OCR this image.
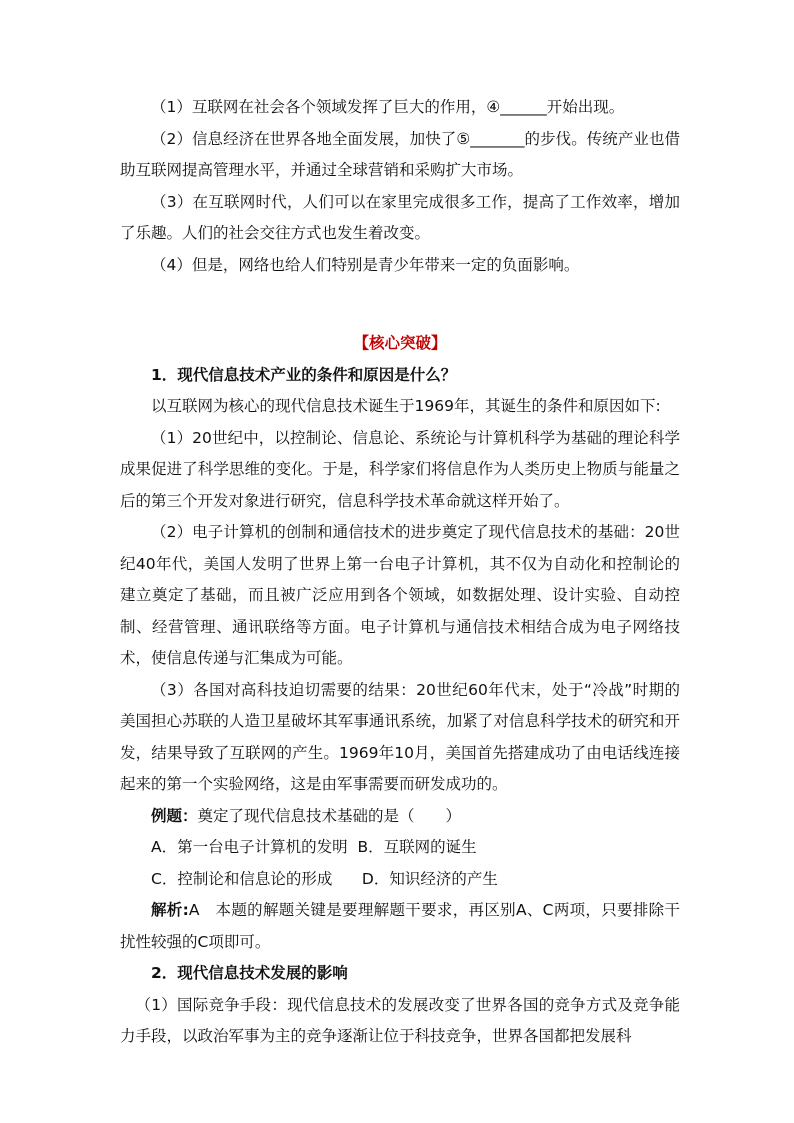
（1）互联网在社会各个领域发挥了巨大的作用，④______开始出现。

（2）信息经济在世界各地全面发展，加快了⑤_______的步伐。传统产业也借助互联网提高管理水平，并通过全球营销和采购扩大市场。

（3）在互联网时代，人们可以在家里完成很多工作，提高了工作效率，增加了乐趣。人们的社会交往方式也发生着改变。

（4）但是，网络也给人们特别是青少年带来一定的负面影响。

【核心突破】

1．现代信息技术产业的条件和原因是什么？

以互联网为核心的现代信息技术诞生于1969年，其诞生的条件和原因如下:

（1）20世纪中，以控制论、信息论、系统论与计算机科学为基础的理论科学成果促进了科学思维的变化。于是，科学家们将信息作为人类历史上物质与能量之后的第三个开发对象进行研究，信息科学技术革命就这样开始了。

（2）电子计算机的创制和通信技术的进步奠定了现代信息技术的基础：20世纪40年代，美国人发明了世界上第一台电子计算机，其不仅为自动化和控制论的建立奠定了基础，而且被广泛应用到各个领域，如数据处理、设计实验、自动控制、经营管理、通讯联络等方面。电子计算机与通信技术相结合成为电子网络技术，使信息传递与汇集成为可能。

（3）各国对高科技迫切需要的结果：20世纪60年代末，处于“冷战”时期的美国担心苏联的人造卫星破坏其军事通讯系统，加紧了对信息科学技术的研究和开发，结果导致了互联网的产生。1969年10月，美国首先搭建成功了由电话线连接起来的第一个实验网络，这是由军事需要而研发成功的。

例题：奠定了现代信息技术基础的是（　　）

A．第一台电子计算机的发明 B．互联网的诞生

C．控制论和信息论的形成 D．知识经济的产生

解析:A　本题的解题关键是要理解题干要求，再区别A、C两项，只要排除干扰性较强的C项即可。

2．现代信息技术发展的影响

（1）国际竞争手段：现代信息技术的发展改变了世界各国的竞争方式及竞争能力手段，以政治军事为主的竞争逐渐让位于科技竞争，世界各国都把发展科
